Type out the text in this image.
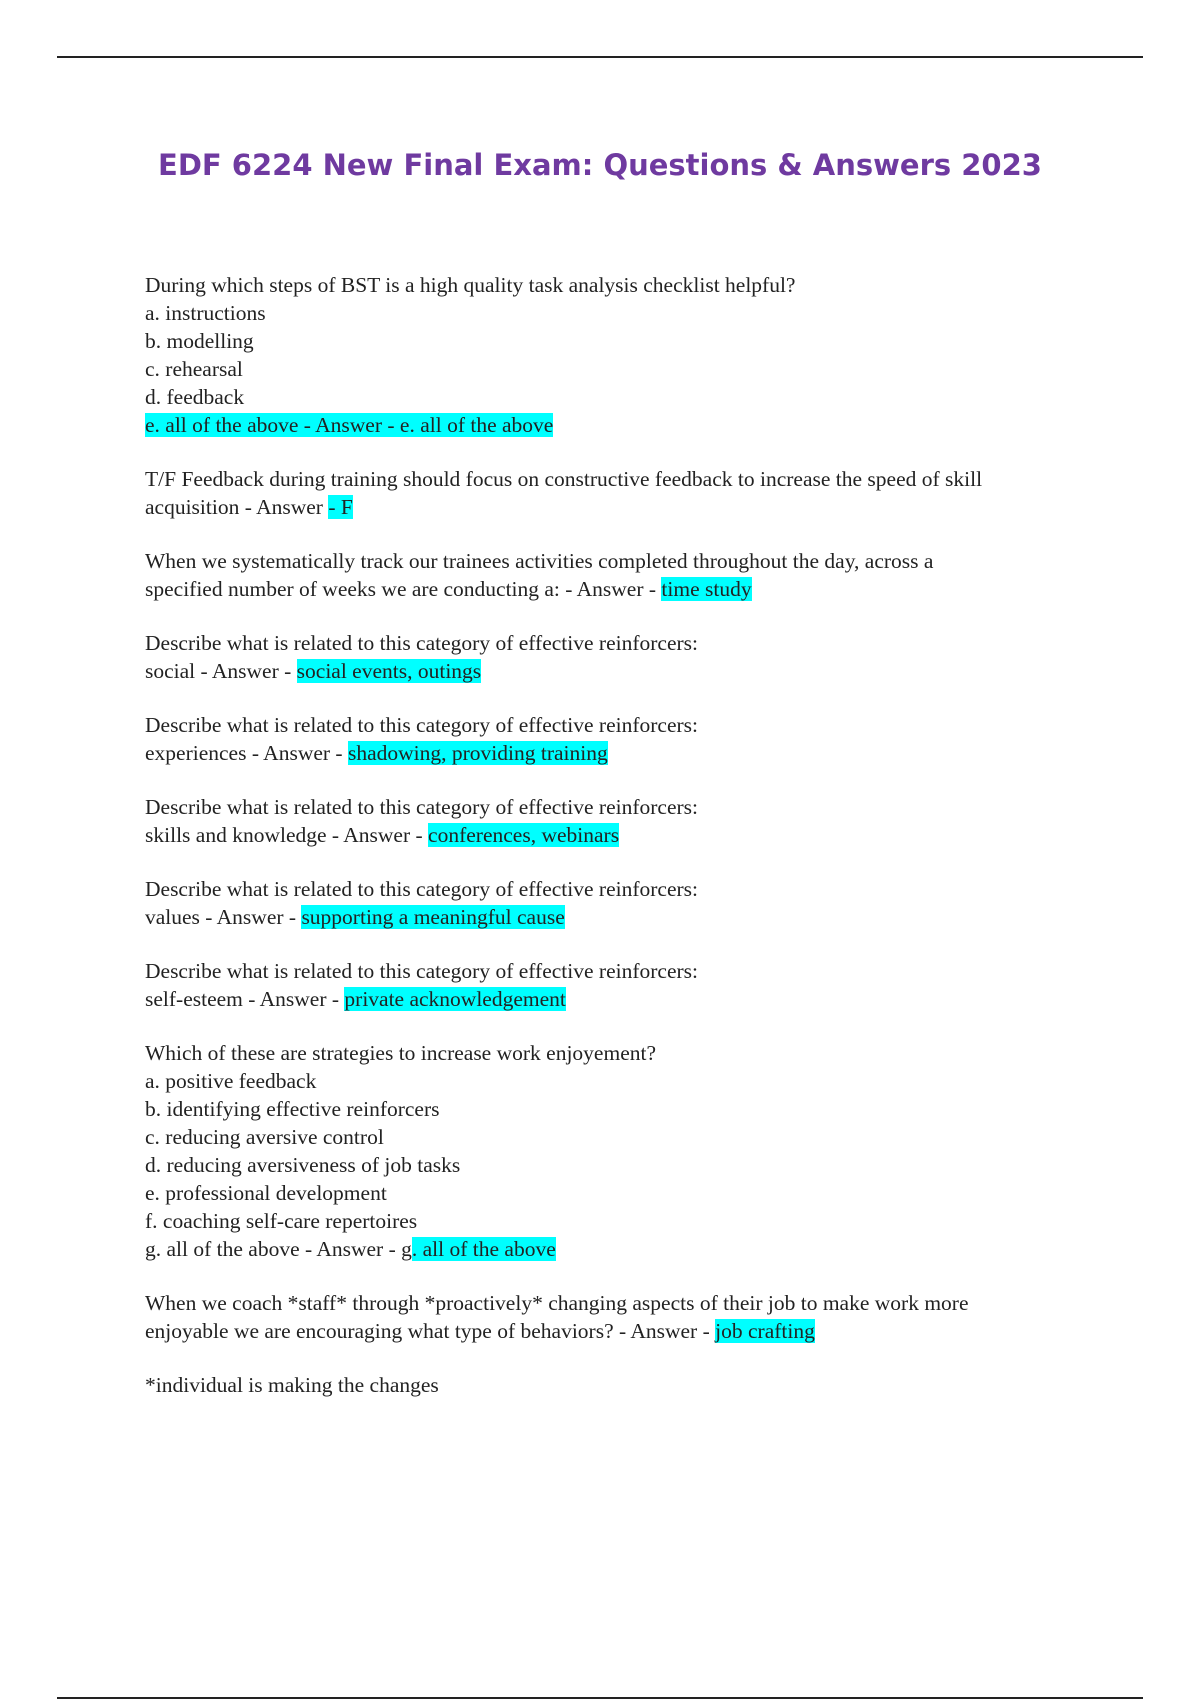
EDF 6224 New Final Exam: Questions & Answers 2023
During which steps of BST is a high quality task analysis checklist helpful?
a. instructions
b. modelling
c. rehearsal
d. feedback
e. all of the above - Answer - e. all of the above
T/F Feedback during training should focus on constructive feedback to increase the speed of skill
acquisition - Answer - F
When we systematically track our trainees activities completed throughout the day, across a
specified number of weeks we are conducting a: - Answer - time study
Describe what is related to this category of effective reinforcers:
social - Answer - social events, outings
Describe what is related to this category of effective reinforcers:
experiences - Answer - shadowing, providing training
Describe what is related to this category of effective reinforcers:
skills and knowledge - Answer - conferences, webinars
Describe what is related to this category of effective reinforcers:
values - Answer - supporting a meaningful cause
Describe what is related to this category of effective reinforcers:
self-esteem - Answer - private acknowledgement
Which of these are strategies to increase work enjoyement?
a. positive feedback
b. identifying effective reinforcers
c. reducing aversive control
d. reducing aversiveness of job tasks
e. professional development
f. coaching self-care repertoires
g. all of the above - Answer - g. all of the above
When we coach *staff* through *proactively* changing aspects of their job to make work more
enjoyable we are encouraging what type of behaviors? - Answer - job crafting
*individual is making the changes
